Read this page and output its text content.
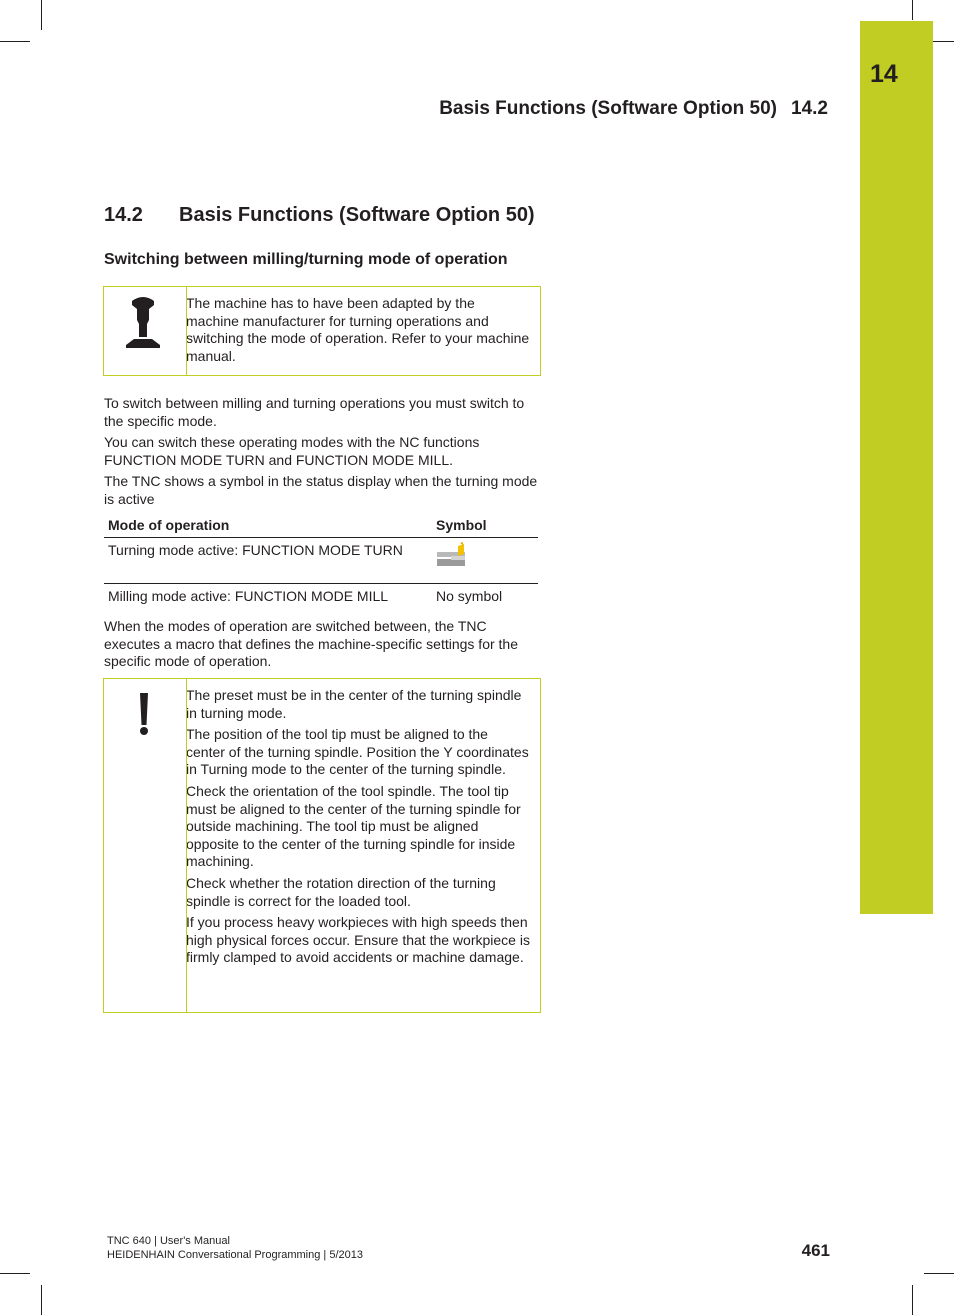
14
Basis Functions (Software Option 50) 14.2
14.2 Basis Functions (Software Option 50)
Switching between milling/turning mode of operation

The machine has to have been adapted by the machine manufacturer for turning operations and switching the mode of operation. Refer to your machine manual.

To switch between milling and turning operations you must switch to the specific mode.

You can switch these operating modes with the NC functions FUNCTION MODE TURN and FUNCTION MODE MILL.

The TNC shows a symbol in the status display when the turning mode is active

Mode of operation	Symbol
Turning mode active: FUNCTION MODE TURN	
Milling mode active: FUNCTION MODE MILL	No symbol

When the modes of operation are switched between, the TNC executes a macro that defines the machine-specific settings for the specific mode of operation.

The preset must be in the center of the turning spindle in turning mode.

The position of the tool tip must be aligned to the center of the turning spindle. Position the Y coordinates in Turning mode to the center of the turning spindle.

Check the orientation of the tool spindle. The tool tip must be aligned to the center of the turning spindle for outside machining. The tool tip must be aligned opposite to the center of the turning spindle for inside machining.

Check whether the rotation direction of the turning spindle is correct for the loaded tool.

If you process heavy workpieces with high speeds then high physical forces occur. Ensure that the workpiece is firmly clamped to avoid accidents or machine damage.

TNC 640 | User's Manual
HEIDENHAIN Conversational Programming | 5/2013	461
